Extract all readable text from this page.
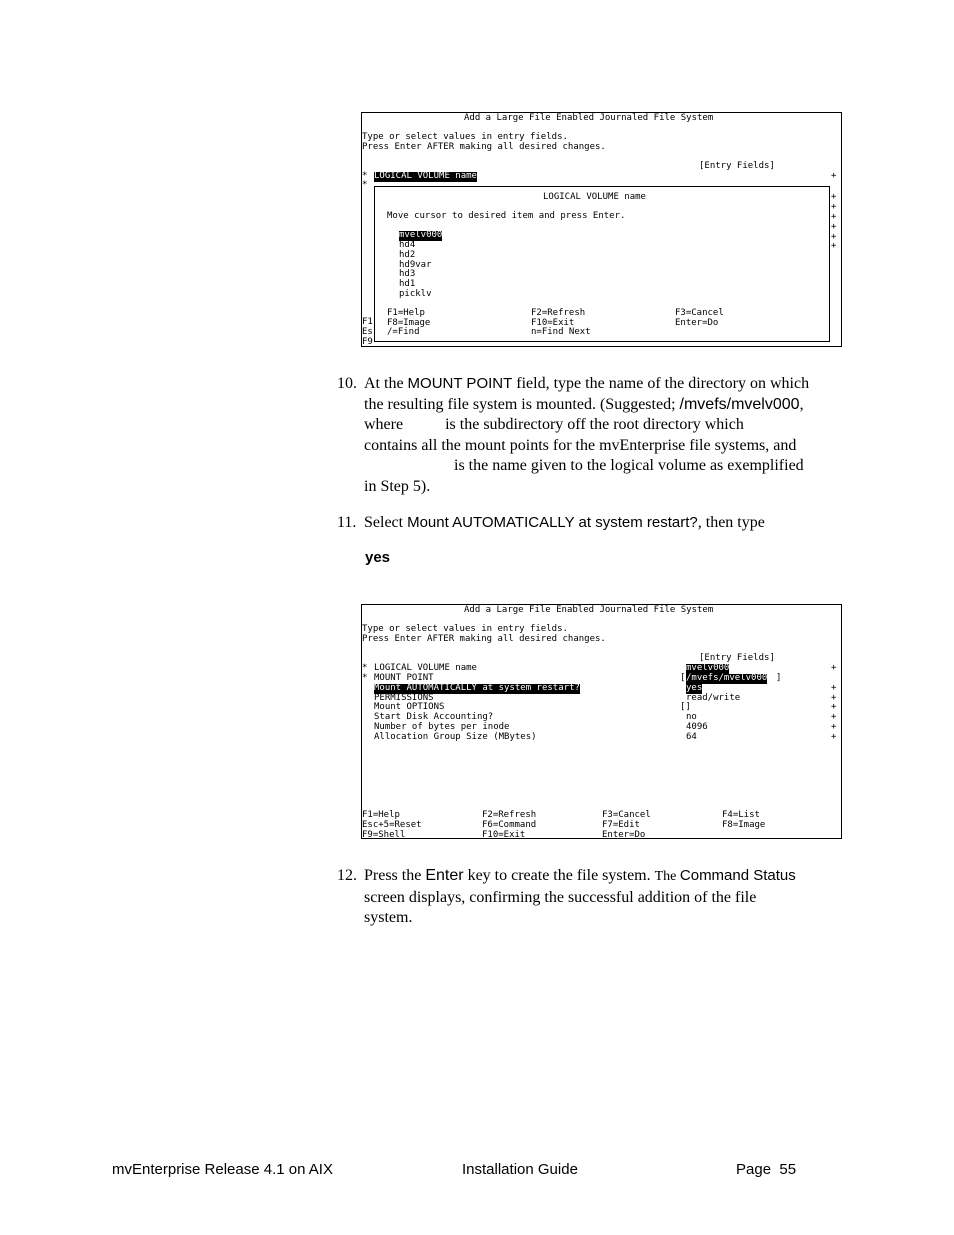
Add a Large File Enabled Journaled File System
Type or select values in entry fields.
Press Enter AFTER making all desired changes.
[Entry Fields]
* LOGICAL VOLUME name	+
*
+
+
+
+
+
+
F1
Es
F9
LOGICAL VOLUME name
Move cursor to desired item and press Enter.
mvelv000
hd4
hd2
hd9var
hd3
hd1
picklv
F1=Help	F2=Refresh	F3=Cancel
F8=Image	F10=Exit	Enter=Do
/=Find	n=Find Next
10. At the MOUNT POINT field, type the name of the directory on which
the resulting file system is mounted. (Suggested; /mvefs/mvelv000,
where	is the subdirectory off the root directory which
contains all the mount points for the mvEnterprise file systems, and
is the name given to the logical volume as exemplified
in Step 5).
11. Select Mount AUTOMATICALLY at system restart?, then type
yes
Add a Large File Enabled Journaled File System
Type or select values in entry fields.
Press Enter AFTER making all desired changes.
[Entry Fields]
* LOGICAL VOLUME name	mvelv000	+
* MOUNT POINT	[ /mvefs/mvelv000 ]
Mount AUTOMATICALLY at system restart?	yes	+
PERMISSIONS	read/write	+
Mount OPTIONS	[]	+
Start Disk Accounting?	no	+
Number of bytes per inode	4096	+
Allocation Group Size (MBytes)	64	+
F1=Help	F2=Refresh	F3=Cancel	F4=List
Esc+5=Reset	F6=Command	F7=Edit	F8=Image
F9=Shell	F10=Exit	Enter=Do
12. Press the Enter key to create the file system. The Command Status
screen displays, confirming the successful addition of the file
system.
mvEnterprise Release 4.1 on AIX	Installation Guide	Page  55
